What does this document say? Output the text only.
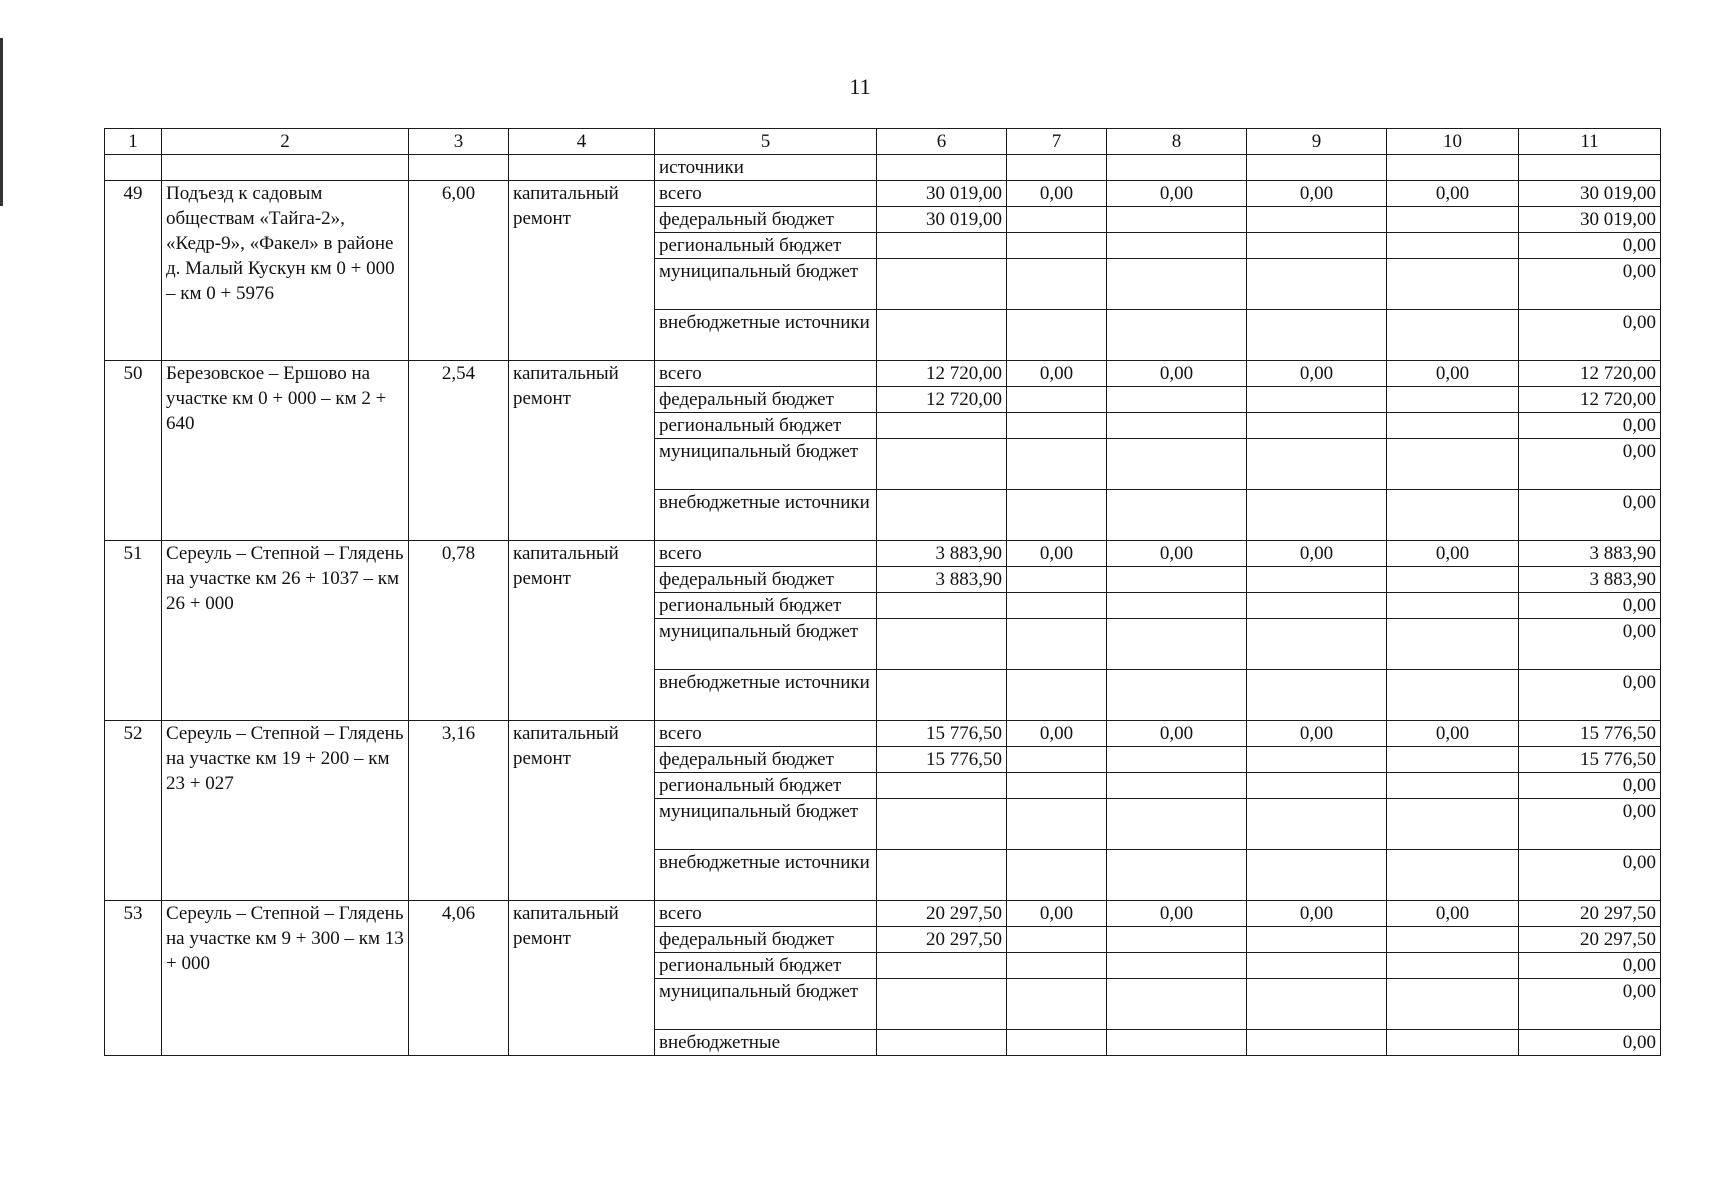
11
1	2	3	4	5	6	7	8	9	10	11
				источники						
49	Подъезд к садовым обществам «Тайга-2», «Кедр-9», «Факел» в районе д. Малый Кускун км 0 + 000 – км 0 + 5976	6,00	капитальный ремонт	всего	30 019,00	0,00	0,00	0,00	0,00	30 019,00
				федеральный бюджет	30 019,00					30 019,00
				региональный бюджет						0,00
				муниципальный бюджет						0,00
				внебюджетные источники						0,00
50	Березовское – Ершово на участке км 0 + 000 – км 2 + 640	2,54	капитальный ремонт	всего	12 720,00	0,00	0,00	0,00	0,00	12 720,00
				федеральный бюджет	12 720,00					12 720,00
				региональный бюджет						0,00
				муниципальный бюджет						0,00
				внебюджетные источники						0,00
51	Сереуль – Степной – Глядень на участке км 26 + 1037 – км 26 + 000	0,78	капитальный ремонт	всего	3 883,90	0,00	0,00	0,00	0,00	3 883,90
				федеральный бюджет	3 883,90					3 883,90
				региональный бюджет						0,00
				муниципальный бюджет						0,00
				внебюджетные источники						0,00
52	Сереуль – Степной – Глядень на участке км 19 + 200 – км 23 + 027	3,16	капитальный ремонт	всего	15 776,50	0,00	0,00	0,00	0,00	15 776,50
				федеральный бюджет	15 776,50					15 776,50
				региональный бюджет						0,00
				муниципальный бюджет						0,00
				внебюджетные источники						0,00
53	Сереуль – Степной – Глядень на участке км 9 + 300 – км 13 + 000	4,06	капитальный ремонт	всего	20 297,50	0,00	0,00	0,00	0,00	20 297,50
				федеральный бюджет	20 297,50					20 297,50
				региональный бюджет						0,00
				муниципальный бюджет						0,00
				внебюджетные						0,00
